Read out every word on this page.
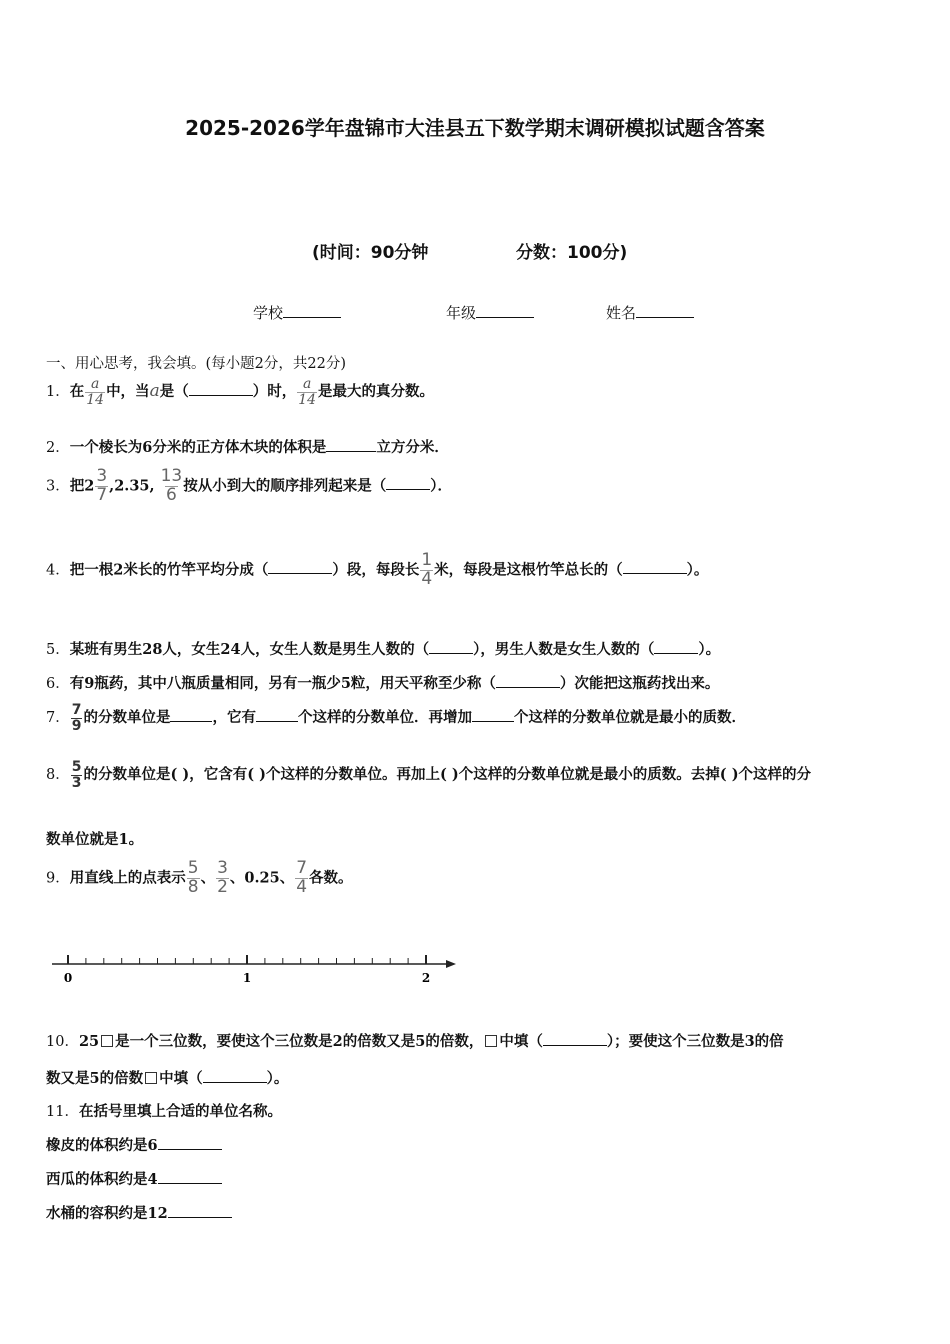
2025-2026学年盘锦市大洼县五下数学期末调研模拟试题含答案
(时间：90分钟	分数：100分)
学校	年级	姓名
一、用心思考，我会填。(每小题2分，共22分)
1．在 $\frac{a}{14}$ 中，当a是（	）时， $\frac{a}{14}$ 是最大的真分数。
2．一个棱长为6分米的正方体木块的体积是	立方分米．
3．把$2 \frac{3}{7} ,2.35$, $\frac{13}{6}$ 按从小到大的顺序排列起来是（	）．
4．把一根2米长的竹竿平均分成（	）段，每段长 $\frac{1}{4}$ 米，每段是这根竹竿总长的（	）。
5．某班有男生28人，女生24人，女生人数是男生人数的（	），男生人数是女生人数的（	）。
6．有9瓶药，其中八瓶质量相同，另有一瓶少5粒，用天平称至少称（	）次能把这瓶药找出来。
7． $\frac{7}{9}$ 的分数单位是	，它有	个这样的分数单位．再增加	个这样的分数单位就是最小的质数．
8． $\frac{5}{3}$ 的分数单位是( )，它含有( )个这样的分数单位。再加上( )个这样的分数单位就是最小的质数。去掉( )个这样的分
数单位就是1。
9．用直线上的点表示 $\frac{5}{8}$ 、 $\frac{3}{2}$ 、0.25、 $\frac{7}{4}$ 各数。
0	1	2
10．25 是一个三位数，要使这个三位数是2的倍数又是5的倍数， 中填（	）；要使这个三位数是3的倍
数又是5的倍数 中填（	）。
11．在括号里填上合适的单位名称。
橡皮的体积约是6
西瓜的体积约是4
水桶的容积约是12
